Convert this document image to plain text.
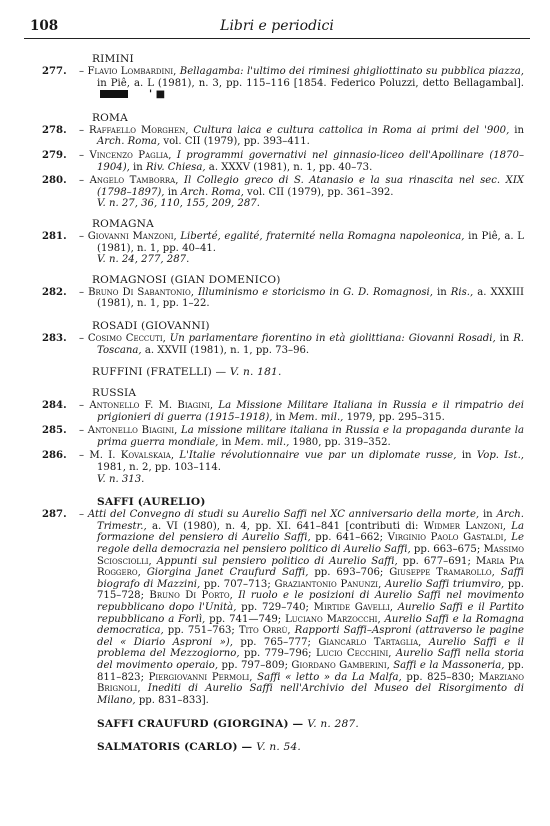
108	Libri e periodici
RIMINI
277. – Flavio Lombardini, Bellagamba: l'ultimo dei riminesi ghigliottinato su pubblica piazza, in Piê, a. L (1981), n. 3, pp. 115–116 [1854. Federico Poluzzi, detto Bellagambal]. ' ■
ROMA
278. – Raffaello Morghen, Cultura laica e cultura cattolica in Roma ai primi del '900, in Arch. Roma, vol. CII (1979), pp. 393–411.
279. – Vincenzo Paglia, I programmi governativi nel ginnasio-liceo dell'Apollinare (1870–1904), in Riv. Chiesa, a. XXXV (1981), n. 1, pp. 40–73.
280. – Angelo Tamborra, Il Collegio greco di S. Atanasio e la sua rinascita nel sec. XIX (1798–1897), in Arch. Roma, vol. CII (1979), pp. 361–392.
V. n. 27, 36, 110, 155, 209, 287.
ROMAGNA
281. – Giovanni Manzoni, Liberté, egalité, fraternité nella Romagna napoleonica, in Piê, a. L (1981), n. 1, pp. 40–41.
V. n. 24, 277, 287.
ROMAGNOSI (GIAN DOMENICO)
282. – Bruno Di Sabantonio, Illuminismo e storicismo in G. D. Romagnosi, in Ris., a. XXXIII (1981), n. 1, pp. 1–22.
ROSADI (GIOVANNI)
283. – Cosimo Ceccuti, Un parlamentare fiorentino in età giolittiana: Giovanni Rosadi, in R. Toscana, a. XXVII (1981), n. 1, pp. 73–96.
RUFFINI (FRATELLI) — V. n. 181.
RUSSIA
284. – Antonello F. M. Biagini, La Missione Militare Italiana in Russia e il rimpatrio dei prigionieri di guerra (1915–1918), in Mem. mil., 1979, pp. 295–315.
285. – Antonello Biagini, La missione militare italiana in Russia e la propaganda durante la prima guerra mondiale, in Mem. mil., 1980, pp. 319–352.
286. – M. I. Kovalskaia, L'Italie révolutionnaire vue par un diplomate russe, in Vop. Ist., 1981, n. 2, pp. 103–114.
V. n. 313.
SAFFI (AURELIO)
287. – Atti del Convegno di studi su Aurelio Saffi nel XC anniversario della morte, in Arch. Trimestr., a. VI (1980), n. 4, pp. XI. 641–841 [contributi di: Widmer Lanzoni, La formazione del pensiero di Aurelio Saffi, pp. 641–662; Virginio Paolo Gastaldi, Le regole della democrazia nel pensiero politico di Aurelio Saffi, pp. 663–675; Massimo Sciosciolli, Appunti sul pensiero politico di Aurelio Saffi, pp. 677–691; Maria Pia Roggero, Giorgina Janet Craufurd Saffi, pp. 693–706; Giuseppe Tramarollo, Saffi biografo di Mazzini, pp. 707–713; Graziantonio Panunzi, Aurelio Saffi triumviro, pp. 715–728; Bruno Di Porto, Il ruolo e le posizioni di Aurelio Saffi nel movimento repubblicano dopo l'Unità, pp. 729–740; Mirtide Gavelli, Aurelio Saffi e il Partito repubblicano a Forlì, pp. 741—749; Luciano Marzocchi, Aurelio Saffi e la Romagna democratica, pp. 751–763; Tito Orrù, Rapporti Saffi–Asproni (attraverso le pagine del « Diario Asproni »), pp. 765–777; Giancarlo Tartaglia, Aurelio Saffi e il problema del Mezzogiorno, pp. 779–796; Lucio Cecchini, Aurelio Saffi nella storia del movimento operaio, pp. 797–809; Giordano Gamberini, Saffi e la Massoneria, pp. 811–823; Piergiovanni Permoli, Saffi « letto » da La Malfa, pp. 825–830; Marziano Brignoli, Inediti di Aurelio Saffi nell'Archivio del Museo del Risorgimento di Milano, pp. 831–833].
SAFFI CRAUFURD (GIORGINA) — V. n. 287.
SALMATORIS (CARLO) — V. n. 54.
